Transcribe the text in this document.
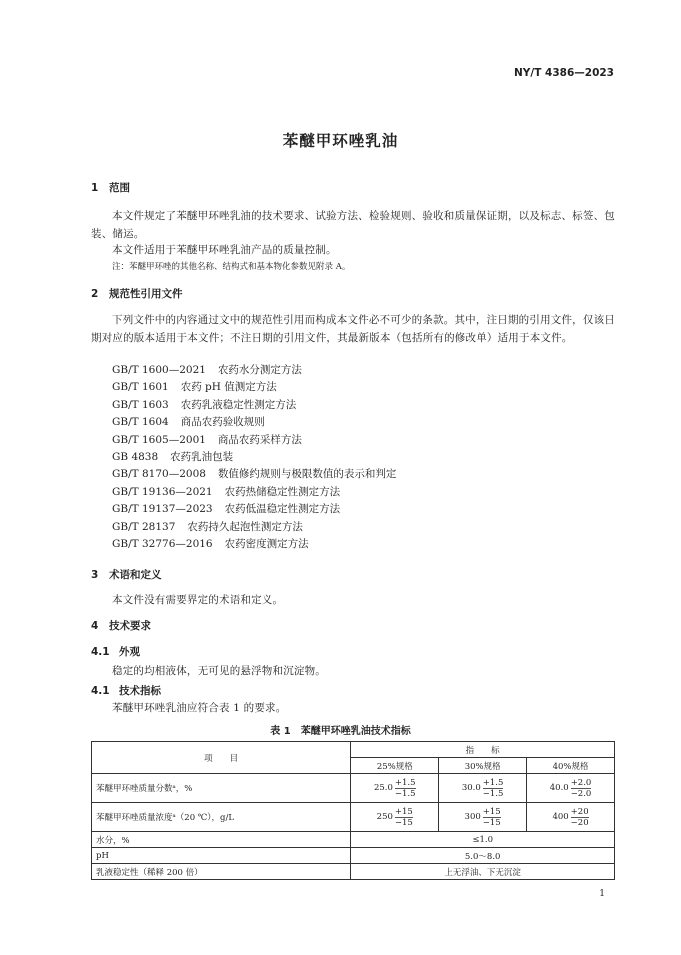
NY/T 4386—2023
苯醚甲环唑乳油
1 范围
本文件规定了苯醚甲环唑乳油的技术要求、试验方法、检验规则、验收和质量保证期，以及标志、标签、包装、储运。
本文件适用于苯醚甲环唑乳油产品的质量控制。
注：苯醚甲环唑的其他名称、结构式和基本物化参数见附录 A。
2 规范性引用文件
下列文件中的内容通过文中的规范性引用而构成本文件必不可少的条款。其中，注日期的引用文件，仅该日期对应的版本适用于本文件；不注日期的引用文件，其最新版本（包括所有的修改单）适用于本文件。
GB/T 1600—2021 农药水分测定方法
GB/T 1601 农药 pH 值测定方法
GB/T 1603 农药乳液稳定性测定方法
GB/T 1604 商品农药验收规则
GB/T 1605—2001 商品农药采样方法
GB 4838 农药乳油包装
GB/T 8170—2008 数值修约规则与极限数值的表示和判定
GB/T 19136—2021 农药热储稳定性测定方法
GB/T 19137—2023 农药低温稳定性测定方法
GB/T 28137 农药持久起泡性测定方法
GB/T 32776—2016 农药密度测定方法
3 术语和定义
本文件没有需要界定的术语和定义。
4 技术要求
4.1 外观
稳定的均相液体，无可见的悬浮物和沉淀物。
4.1 技术指标
苯醚甲环唑乳油应符合表 1 的要求。
表 1　苯醚甲环唑乳油技术指标
项　　目	指　　标		
	25%规格	30%规格	40%规格
苯醚甲环唑质量分数ᵃ，%	25.0
+1.5
−1.5	30.0
+1.5
−1.5	40.0
+2.0
−2.0

苯醚甲环唑质量浓度ᵃ（20 ℃），g/L	250
+15
−15	300
+15
−15	400
+20
−20

水分，%	≤1.0		
pH	5.0～8.0		
乳液稳定性（稀释 200 倍）	上无浮油、下无沉淀		
1
